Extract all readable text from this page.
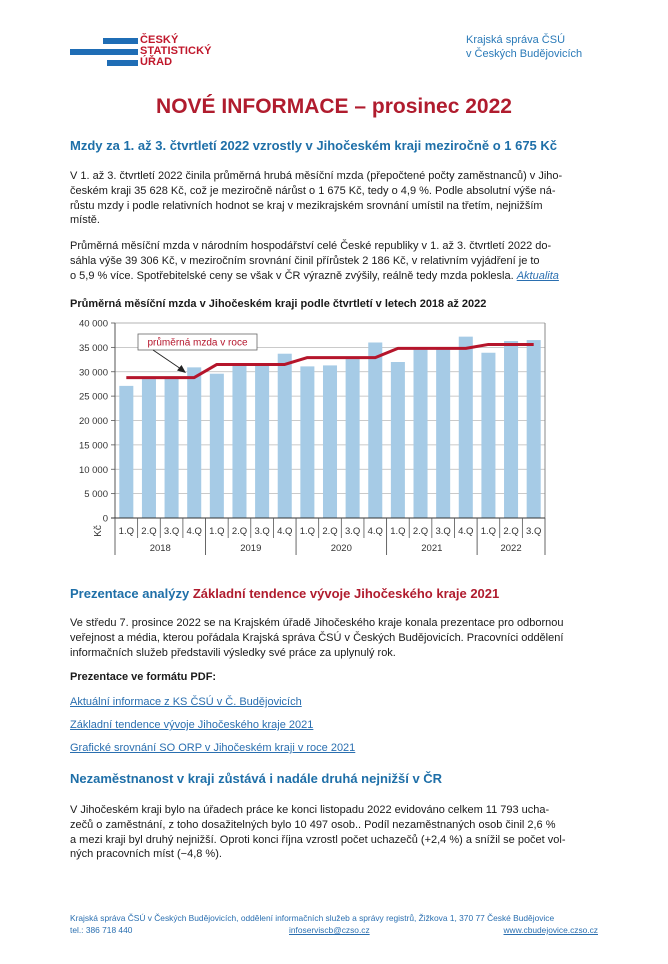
ČESKÝ
STATISTICKÝ
ÚŘAD
Krajská správa ČSÚ
v Českých Budějovicích
NOVÉ INFORMACE – prosinec 2022
Mzdy za 1. až 3. čtvrtletí 2022 vzrostly v Jihočeském kraji meziročně o 1 675 Kč
V 1. až 3. čtvrtletí 2022 činila průměrná hrubá měsíční mzda (přepočtené počty zaměstnanců) v Jiho-
českém kraji 35 628 Kč, což je meziročně nárůst o 1 675 Kč, tedy o 4,9 %. Podle absolutní výše ná-
růstu mzdy i podle relativních hodnot se kraj v mezikrajském srovnání umístil na třetím, nejnižším
místě.
Průměrná měsíční mzda v národním hospodářství celé České republiky v 1. až 3. čtvrtletí 2022 do-
sáhla výše 39 306 Kč, v meziročním srovnání činil přírůstek 2 186 Kč, v relativním vyjádření je to
o 5,9 % více. Spotřebitelské ceny se však v ČR výrazně zvýšily, reálně tedy mzda poklesla. Aktualita
Průměrná měsíční mzda v Jihočeském kraji podle čtvrtletí v letech 2018 až 2022
0
5 000
10 000
15 000
20 000
25 000
30 000
35 000
40 000
1.Q 2.Q 3.Q 4.Q
2018
1.Q 2.Q 3.Q 4.Q
2019
1.Q 2.Q 3.Q 4.Q
2020
1.Q 2.Q 3.Q 4.Q
2021
1.Q 2.Q 3.Q
2022
průměrná mzda v roce
Kč
Prezentace analýzy Základní tendence vývoje Jihočeského kraje 2021
Ve středu 7. prosince 2022 se na Krajském úřadě Jihočeského kraje konala prezentace pro odbornou
veřejnost a média, kterou pořádala Krajská správa ČSÚ v Českých Budějovicích. Pracovníci oddělení
informačních služeb představili výsledky své práce za uplynulý rok.
Prezentace ve formátu PDF:
Aktuální informace z KS ČSÚ v Č. Budějovicích
Základní tendence vývoje Jihočeského kraje 2021
Grafické srovnání SO ORP v Jihočeském kraji v roce 2021
Nezaměstnanost v kraji zůstává i nadále druhá nejnižší v ČR
V Jihočeském kraji bylo na úřadech práce ke konci listopadu 2022 evidováno celkem 11 793 ucha-
zečů o zaměstnání, z toho dosažitelných bylo 10 497 osob.. Podíl nezaměstnaných osob činil 2,6 %
a mezi kraji byl druhý nejnižší. Oproti konci října vzrostl počet uchazečů (+2,4 %) a snížil se počet vol-
ných pracovních míst (−4,8 %).
Krajská správa ČSÚ v Českých Budějovicích, oddělení informačních služeb a správy registrů, Žižkova 1, 370 77 České Budějovice
tel.: 386 718 440	infoserviscb@czso.cz	www.cbudejovice.czso.cz
